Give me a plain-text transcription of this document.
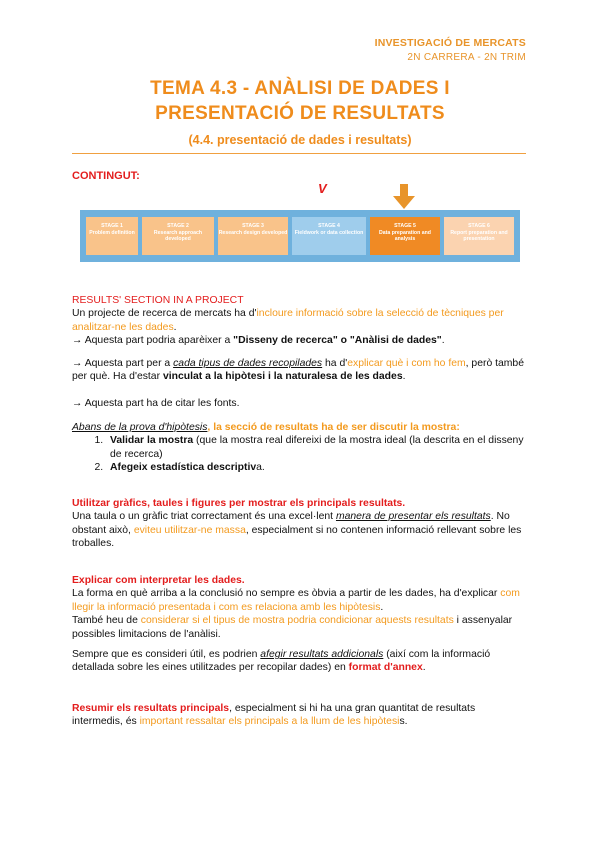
INVESTIGACIÓ DE MERCATS
2N CARRERA - 2N TRIM
TEMA 4.3 - ANÀLISI DE DADES I
PRESENTACIÓ DE RESULTATS
(4.4. presentació de dades i resultats)
CONTINGUT:
V
STAGE 1
Problem definition
STAGE 2
Research approach developed
STAGE 3
Research design developed
STAGE 4
Fieldwork or data collection
STAGE 5
Data preparation and analysis
STAGE 6
Report preparation and presentation

RESULTS' SECTION IN A PROJECT

Un projecte de recerca de mercats ha d'incloure informació sobre la selecció de tècniques per analitzar-ne les dades.

→ Aquesta part podria aparèixer a "Disseny de recerca" o "Anàlisi de dades".

→ Aquesta part per a cada tipus de dades recopilades ha d'explicar què i com ho fem, però també per què. Ha d'estar vinculat a la hipòtesi i la naturalesa de les dades.

→ Aquesta part ha de citar les fonts.

Abans de la prova d'hipòtesis, la secció de resultats ha de ser discutir la mostra:

1. Validar la mostra (que la mostra real difereixi de la mostra ideal (la descrita en el disseny de recerca)
2. Afegeix estadística descriptiva.

Utilitzar gràfics, taules i figures per mostrar els principals resultats.

Una taula o un gràfic triat correctament és una excel·lent manera de presentar els resultats. No obstant això, eviteu utilitzar-ne massa, especialment si no contenen informació rellevant sobre les troballes.

Explicar com interpretar les dades.

La forma en què arriba a la conclusió no sempre es òbvia a partir de les dades, ha d'explicar com llegir la informació presentada i com es relaciona amb les hipòtesis.

També heu de considerar si el tipus de mostra podria condicionar aquests resultats i assenyalar possibles limitacions de l'anàlisi.

Sempre que es consideri útil, es podrien afegir resultats addicionals (així com la informació detallada sobre les eines utilitzades per recopilar dades) en format d'annex.

Resumir els resultats principals, especialment si hi ha una gran quantitat de resultats intermedis, és important ressaltar els principals a la llum de les hipòtesis.
